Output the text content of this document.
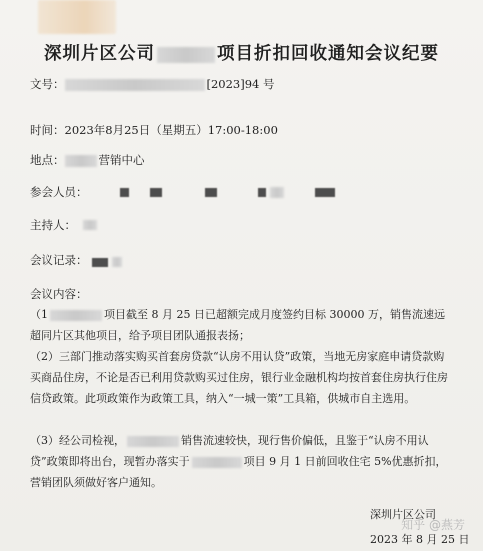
深圳片区公司	项目折扣回收通知会议纪要
文号：	[2023]94 号
时间：2023年8月25日（星期五）17:00-18:00
地点：	营销中心
参会人员：
主持人：
会议记录：
会议内容：
（1	项目截至 8 月 25 日已超额完成月度签约目标 30000 万，销售流速远超同片区其他项目，给予项目团队通报表扬；
（2）三部门推动落实购买首套房贷款“认房不用认贷”政策，当地无房家庭申请贷款购买商品住房，不论是否已利用贷款购买过住房，银行业金融机构均按首套住房执行住房信贷政策。此项政策作为政策工具，纳入“一城一策”工具箱，供城市自主选用。
（3）经公司检视，	销售流速较快，现行售价偏低，且鉴于“认房不用认贷”政策即将出台，现暂办落实于	项目 9 月 1 日前回收住宅 5%优惠折扣，营销团队须做好客户通知。
深圳片区公司
2023 年 8 月 25 日
知乎 @燕芳
